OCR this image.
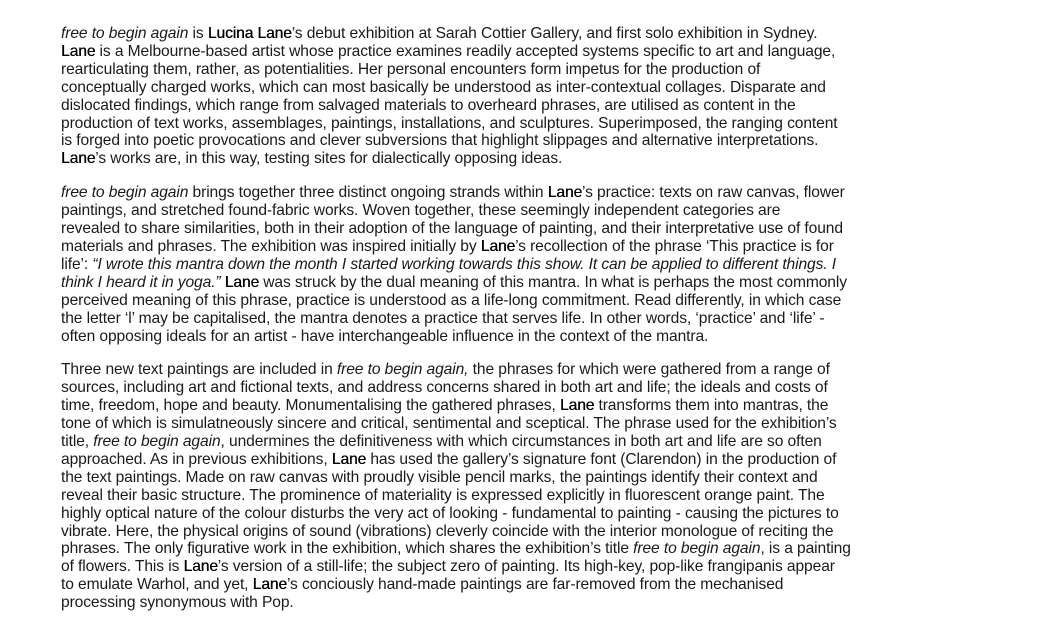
free to begin again is Lucina Lane’s debut exhibition at Sarah Cottier Gallery, and first solo exhibition in Sydney.
Lane is a Melbourne-based artist whose practice examines readily accepted systems specific to art and language,
rearticulating them, rather, as potentialities. Her personal encounters form impetus for the production of
conceptually charged works, which can most basically be understood as inter-contextual collages. Disparate and
dislocated findings, which range from salvaged materials to overheard phrases, are utilised as content in the
production of text works, assemblages, paintings, installations, and sculptures. Superimposed, the ranging content
is forged into poetic provocations and clever subversions that highlight slippages and alternative interpretations.
Lane’s works are, in this way, testing sites for dialectically opposing ideas.

free to begin again brings together three distinct ongoing strands within Lane’s practice: texts on raw canvas, flower
paintings, and stretched found-fabric works. Woven together, these seemingly independent categories are
revealed to share similarities, both in their adoption of the language of painting, and their interpretative use of found
materials and phrases. The exhibition was inspired initially by Lane’s recollection of the phrase ‘This practice is for
life’: “I wrote this mantra down the month I started working towards this show. It can be applied to different things. I
think I heard it in yoga.” Lane was struck by the dual meaning of this mantra. In what is perhaps the most commonly
perceived meaning of this phrase, practice is understood as a life-long commitment. Read differently, in which case
the letter ‘l’ may be capitalised, the mantra denotes a practice that serves life. In other words, ‘practice’ and ‘life’ -
often opposing ideals for an artist - have interchangeable influence in the context of the mantra.

Three new text paintings are included in free to begin again, the phrases for which were gathered from a range of
sources, including art and fictional texts, and address concerns shared in both art and life; the ideals and costs of
time, freedom, hope and beauty. Monumentalising the gathered phrases, Lane transforms them into mantras, the
tone of which is simulatneously sincere and critical, sentimental and sceptical. The phrase used for the exhibition’s
title, free to begin again, undermines the definitiveness with which circumstances in both art and life are so often
approached. As in previous exhibitions, Lane has used the gallery’s signature font (Clarendon) in the production of
the text paintings. Made on raw canvas with proudly visible pencil marks, the paintings identify their context and
reveal their basic structure. The prominence of materiality is expressed explicitly in fluorescent orange paint. The
highly optical nature of the colour disturbs the very act of looking - fundamental to painting - causing the pictures to
vibrate. Here, the physical origins of sound (vibrations) cleverly coincide with the interior monologue of reciting the
phrases. The only figurative work in the exhibition, which shares the exhibition’s title free to begin again, is a painting
of flowers. This is Lane’s version of a still-life; the subject zero of painting. Its high-key, pop-like frangipanis appear
to emulate Warhol, and yet, Lane’s conciously hand-made paintings are far-removed from the mechanised
processing synonymous with Pop.
